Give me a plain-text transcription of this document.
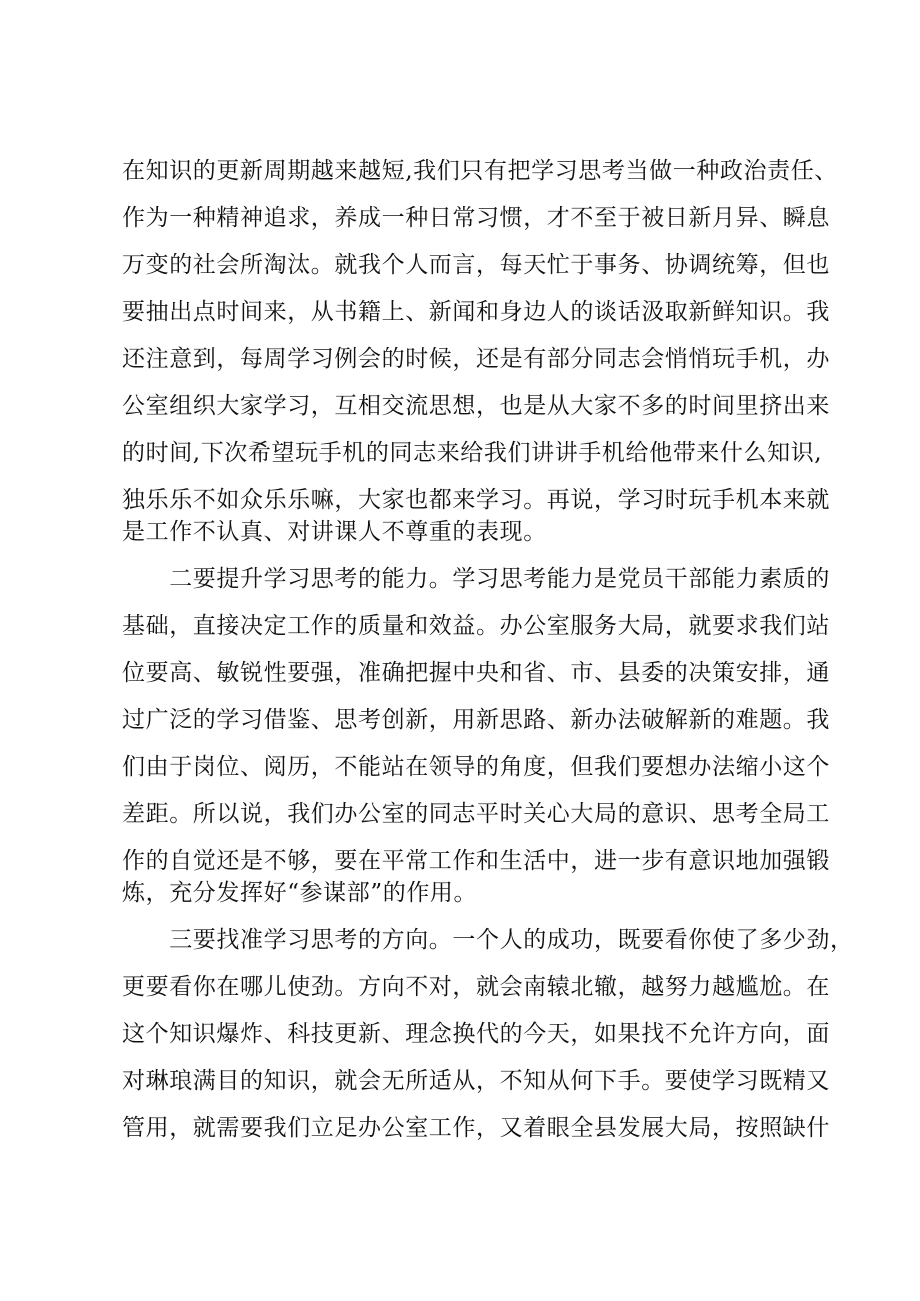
在知识的更新周期越来越短,我们只有把学习思考当做一种政治责任、
作为一种精神追求，养成一种日常习惯，才不至于被日新月异、瞬息
万变的社会所淘汰。就我个人而言，每天忙于事务、协调统筹，但也
要抽出点时间来，从书籍上、新闻和身边人的谈话汲取新鲜知识。我
还注意到，每周学习例会的时候，还是有部分同志会悄悄玩手机，办
公室组织大家学习，互相交流思想，也是从大家不多的时间里挤出来
的时间,下次希望玩手机的同志来给我们讲讲手机给他带来什么知识,
独乐乐不如众乐乐嘛，大家也都来学习。再说，学习时玩手机本来就
是工作不认真、对讲课人不尊重的表现。
　　二要提升学习思考的能力。学习思考能力是党员干部能力素质的
基础，直接决定工作的质量和效益。办公室服务大局，就要求我们站
位要高、敏锐性要强，准确把握中央和省、市、县委的决策安排，通
过广泛的学习借鉴、思考创新，用新思路、新办法破解新的难题。我
们由于岗位、阅历，不能站在领导的角度，但我们要想办法缩小这个
差距。所以说，我们办公室的同志平时关心大局的意识、思考全局工
作的自觉还是不够，要在平常工作和生活中，进一步有意识地加强锻
炼，充分发挥好“参谋部”的作用。
　　三要找准学习思考的方向。一个人的成功，既要看你使了多少劲，
更要看你在哪儿使劲。方向不对，就会南辕北辙，越努力越尴尬。在
这个知识爆炸、科技更新、理念换代的今天，如果找不允许方向，面
对琳琅满目的知识，就会无所适从，不知从何下手。要使学习既精又
管用，就需要我们立足办公室工作，又着眼全县发展大局，按照缺什
